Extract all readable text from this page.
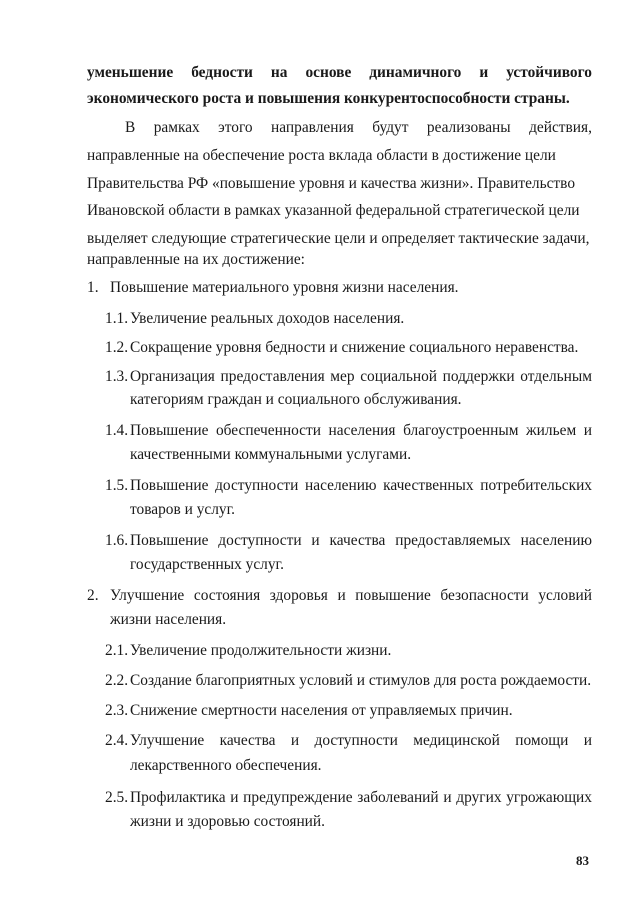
уменьшение бедности на основе динамичного и устойчивого
экономического роста и повышения конкурентоспособности страны.
В рамках этого направления будут реализованы действия,
направленные на обеспечение роста вклада области в достижение цели
Правительства РФ «повышение уровня и качества жизни». Правительство
Ивановской области в рамках указанной федеральной стратегической цели
выделяет следующие стратегические цели и определяет тактические задачи,
направленные на их достижение:
1. Повышение материального уровня жизни населения.
1.1. Увеличение реальных доходов населения.
1.2. Сокращение уровня бедности и снижение социального неравенства.
1.3. Организация предоставления мер социальной поддержки отдельным
категориям граждан и социального обслуживания.
1.4. Повышение обеспеченности населения благоустроенным жильем и
качественными коммунальными услугами.
1.5. Повышение доступности населению качественных потребительских
товаров и услуг.
1.6. Повышение доступности и качества предоставляемых населению
государственных услуг.
2. Улучшение состояния здоровья и повышение безопасности условий
жизни населения.
2.1. Увеличение продолжительности жизни.
2.2. Создание благоприятных условий и стимулов для роста рождаемости.
2.3. Снижение смертности населения от управляемых причин.
2.4. Улучшение качества и доступности медицинской помощи и
лекарственного обеспечения.
2.5. Профилактика и предупреждение заболеваний и других угрожающих
жизни и здоровью состояний.
83
